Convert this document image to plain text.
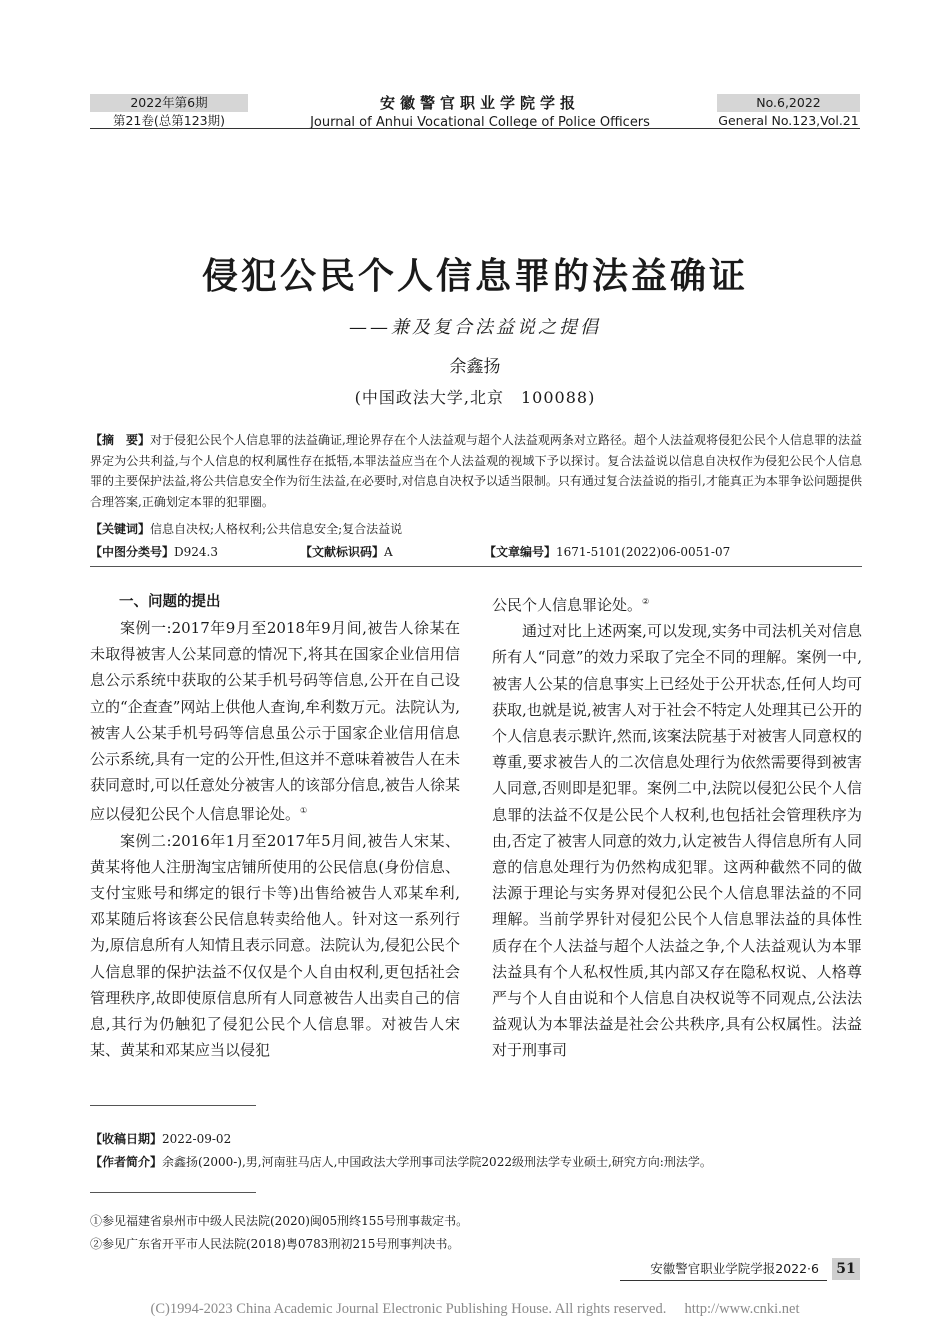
2022年第6期
第21卷(总第123期)
安徽警官职业学院学报
Journal of Anhui Vocational College of Police Officers
No.6,2022
General No.123,Vol.21
侵犯公民个人信息罪的法益确证
——兼及复合法益说之提倡
余鑫扬
(中国政法大学,北京　100088)
【摘　要】对于侵犯公民个人信息罪的法益确证,理论界存在个人法益观与超个人法益观两条对立路径。超个人法益观将侵犯公民个人信息罪的法益界定为公共利益,与个人信息的权利属性存在抵牾,本罪法益应当在个人法益观的视域下予以探讨。复合法益说以信息自决权作为侵犯公民个人信息罪的主要保护法益,将公共信息安全作为衍生法益,在必要时,对信息自决权予以适当限制。只有通过复合法益说的指引,才能真正为本罪争讼问题提供合理答案,正确划定本罪的犯罪圈。
【关键词】信息自决权;人格权利;公共信息安全;复合法益说
【中图分类号】D924.3	【文献标识码】A	【文章编号】1671-5101(2022)06-0051-07
一、问题的提出

案例一:2017年9月至2018年9月间,被告人徐某在未取得被害人公某同意的情况下,将其在国家企业信用信息公示系统中获取的公某手机号码等信息,公开在自己设立的“企查查”网站上供他人查询,牟利数万元。法院认为,被害人公某手机号码等信息虽公示于国家企业信用信息公示系统,具有一定的公开性,但这并不意味着被告人在未获同意时,可以任意处分被害人的该部分信息,被告人徐某应以侵犯公民个人信息罪论处。①

案例二:2016年1月至2017年5月间,被告人宋某、黄某将他人注册淘宝店铺所使用的公民信息(身份信息、支付宝账号和绑定的银行卡等)出售给被告人邓某牟利,邓某随后将该套公民信息转卖给他人。针对这一系列行为,原信息所有人知情且表示同意。法院认为,侵犯公民个人信息罪的保护法益不仅仅是个人自由权利,更包括社会管理秩序,故即使原信息所有人同意被告人出卖自己的信息,其行为仍触犯了侵犯公民个人信息罪。对被告人宋某、黄某和邓某应当以侵犯

公民个人信息罪论处。②

通过对比上述两案,可以发现,实务中司法机关对信息所有人“同意”的效力采取了完全不同的理解。案例一中,被害人公某的信息事实上已经处于公开状态,任何人均可获取,也就是说,被害人对于社会不特定人处理其已公开的个人信息表示默许,然而,该案法院基于对被害人同意权的尊重,要求被告人的二次信息处理行为依然需要得到被害人同意,否则即是犯罪。案例二中,法院以侵犯公民个人信息罪的法益不仅是公民个人权利,也包括社会管理秩序为由,否定了被害人同意的效力,认定被告人得信息所有人同意的信息处理行为仍然构成犯罪。这两种截然不同的做法源于理论与实务界对侵犯公民个人信息罪法益的不同理解。当前学界针对侵犯公民个人信息罪法益的具体性质存在个人法益与超个人法益之争,个人法益观认为本罪法益具有个人私权性质,其内部又存在隐私权说、人格尊严与个人自由说和个人信息自决权说等不同观点,公法法益观认为本罪法益是社会公共秩序,具有公权属性。法益对于刑事司

【收稿日期】2022-09-02
【作者简介】余鑫扬(2000-),男,河南驻马店人,中国政法大学刑事司法学院2022级刑法学专业硕士,研究方向:刑法学。
①参见福建省泉州市中级人民法院(2020)闽05刑终155号刑事裁定书。
②参见广东省开平市人民法院(2018)粤0783刑初215号刑事判决书。
安徽警官职业学院学报2022·6	51
(C)1994-2023 China Academic Journal Electronic Publishing House. All rights reserved.　 http://www.cnki.net
